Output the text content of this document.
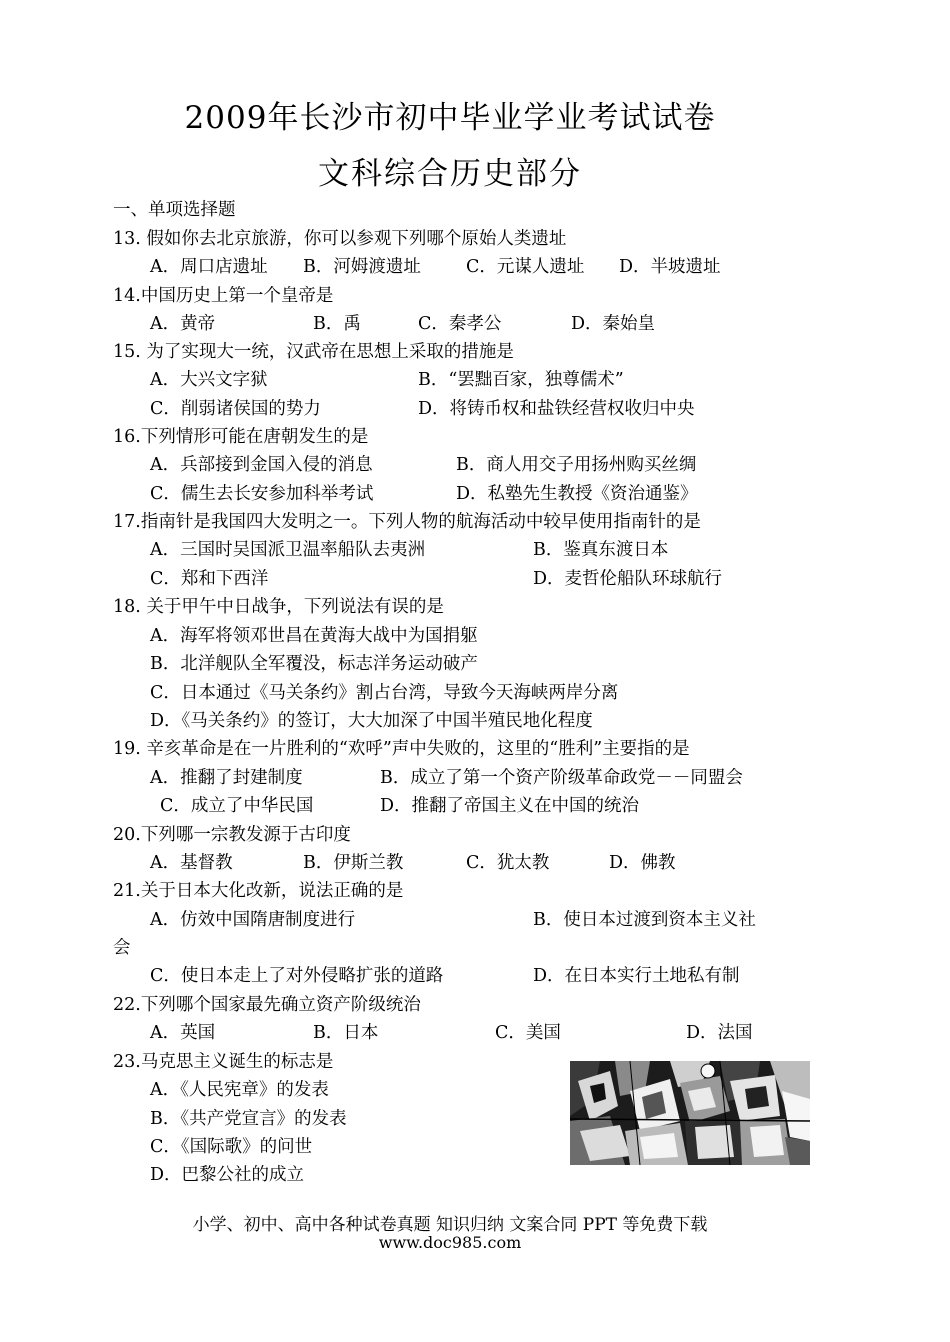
2009年长沙市初中毕业学业考试试卷
文科综合历史部分
一、单项选择题
13. 假如你去北京旅游，你可以参观下列哪个原始人类遗址
A．周口店遗址 B．河姆渡遗址	C．元谋人遗址 D．半坡遗址
14.中国历史上第一个皇帝是
A．黄帝	B．禹	C．秦孝公	D．秦始皇
15. 为了实现大一统，汉武帝在思想上采取的措施是
A．大兴文字狱	B．“罢黜百家，独尊儒术”
C．削弱诸侯国的势力	D．将铸币权和盐铁经营权收归中央
16.下列情形可能在唐朝发生的是
A．兵部接到金国入侵的消息	B．商人用交子用扬州购买丝绸
C．儒生去长安参加科举考试	D．私塾先生教授《资治通鉴》
17.指南针是我国四大发明之一。下列人物的航海活动中较早使用指南针的是
A．三国时吴国派卫温率船队去夷洲	B．鉴真东渡日本
C．郑和下西洋	D．麦哲伦船队环球航行
18. 关于甲午中日战争，下列说法有误的是
A．海军将领邓世昌在黄海大战中为国捐躯
B．北洋舰队全军覆没，标志洋务运动破产
C．日本通过《马关条约》割占台湾，导致今天海峡两岸分离
D．《马关条约》的签订，大大加深了中国半殖民地化程度
19. 辛亥革命是在一片胜利的“欢呼”声中失败的，这里的“胜利”主要指的是
A．推翻了封建制度	B．成立了第一个资产阶级革命政党－－同盟会
C．成立了中华民国	D．推翻了帝国主义在中国的统治
20.下列哪一宗教发源于古印度
A．基督教	B．伊斯兰教	C．犹太教	D．佛教
21.关于日本大化改新，说法正确的是
A．仿效中国隋唐制度进行	B．使日本过渡到资本主义社
会
C．使日本走上了对外侵略扩张的道路	D．在日本实行土地私有制
22.下列哪个国家最先确立资产阶级统治
A．英国	B．日本	C．美国	D．法国
23.马克思主义诞生的标志是
A．《人民宪章》的发表
B．《共产党宣言》的发表
C．《国际歌》的问世
D．巴黎公社的成立
小学、初中、高中各种试卷真题 知识归纳 文案合同 PPT 等免费下载
www.doc985.com
